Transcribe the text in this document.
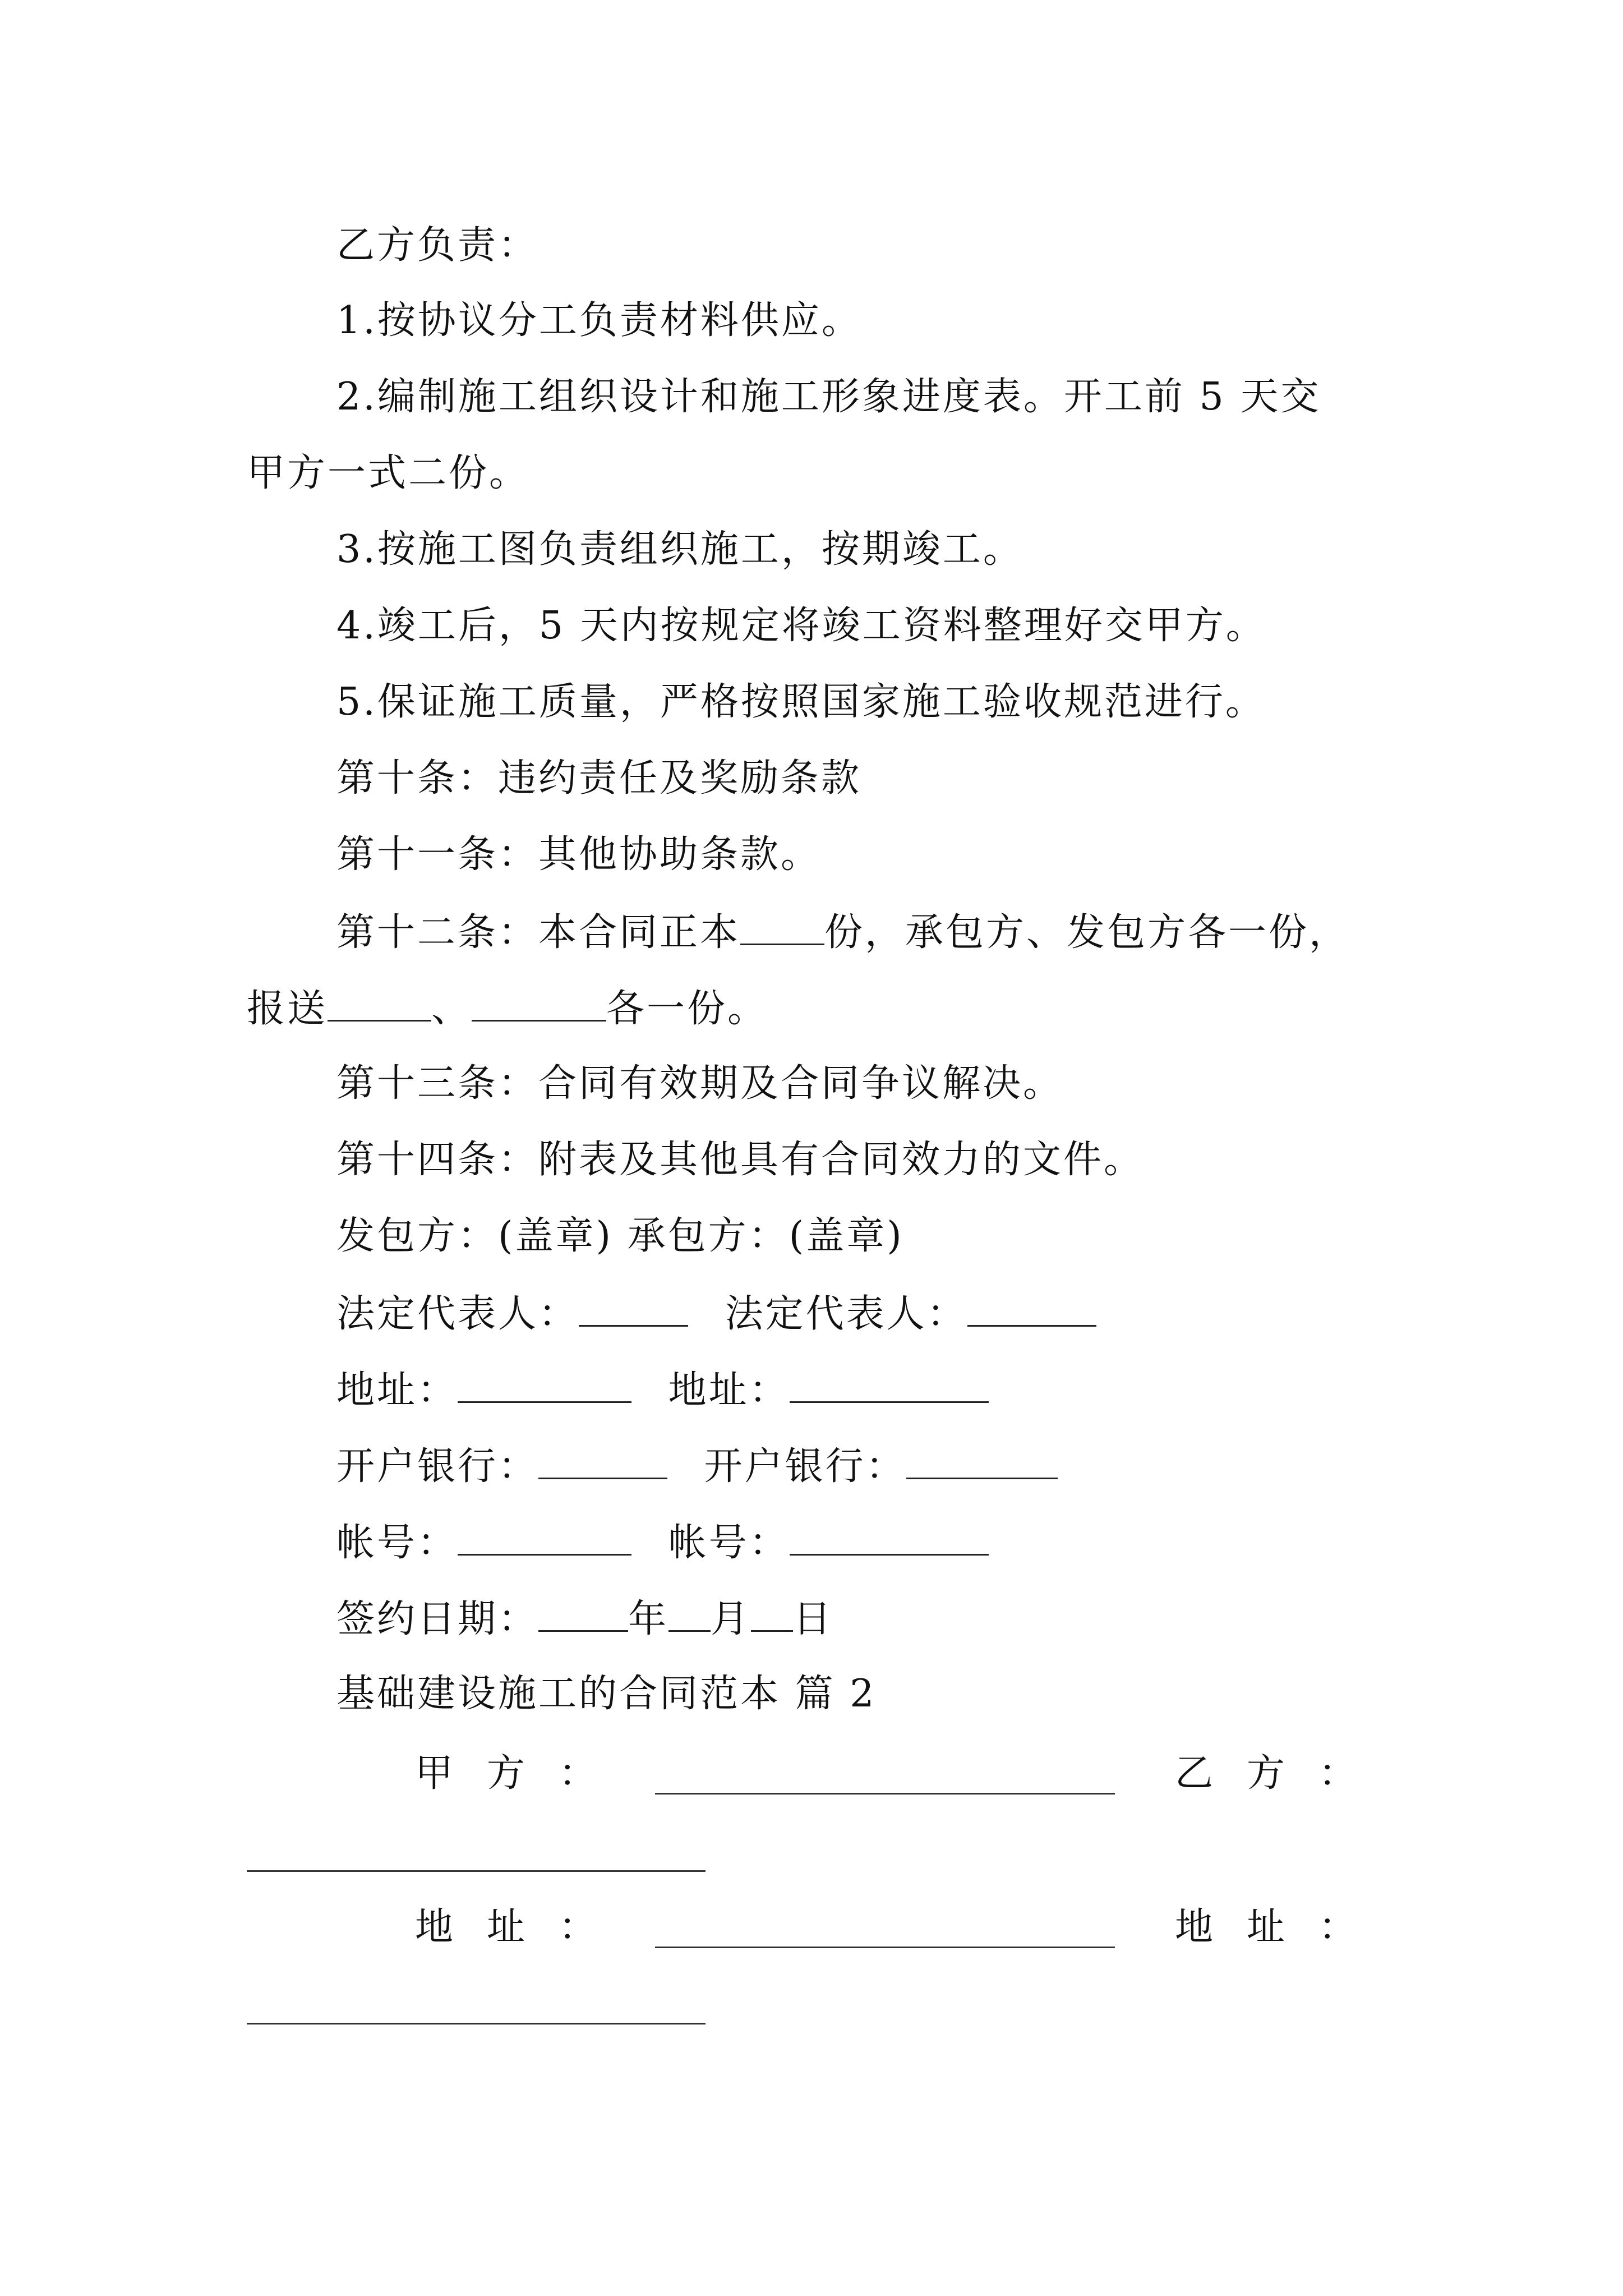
乙方负责：
1.按协议分工负责材料供应。
2.编制施工组织设计和施工形象进度表。开工前 5 天交
甲方一式二份。
3.按施工图负责组织施工，按期竣工。
4.竣工后，5 天内按规定将竣工资料整理好交甲方。
5.保证施工质量，严格按照国家施工验收规范进行。
第十条：违约责任及奖励条款
第十一条：其他协助条款。
第十二条：本合同正本 份，承包方、发包方各一份，
报送	、	各一份。
第十三条：合同有效期及合同争议解决。
第十四条：附表及其他具有合同效力的文件。
发包方：(盖章) 承包方：(盖章)
法定代表人：	法定代表人：
地址：	地址：
开户银行：	开户银行：
帐号：	帐号：
签约日期： 年 月 日
基础建设施工的合同范本 篇 2
甲方：	乙方：
地址：	地址：
